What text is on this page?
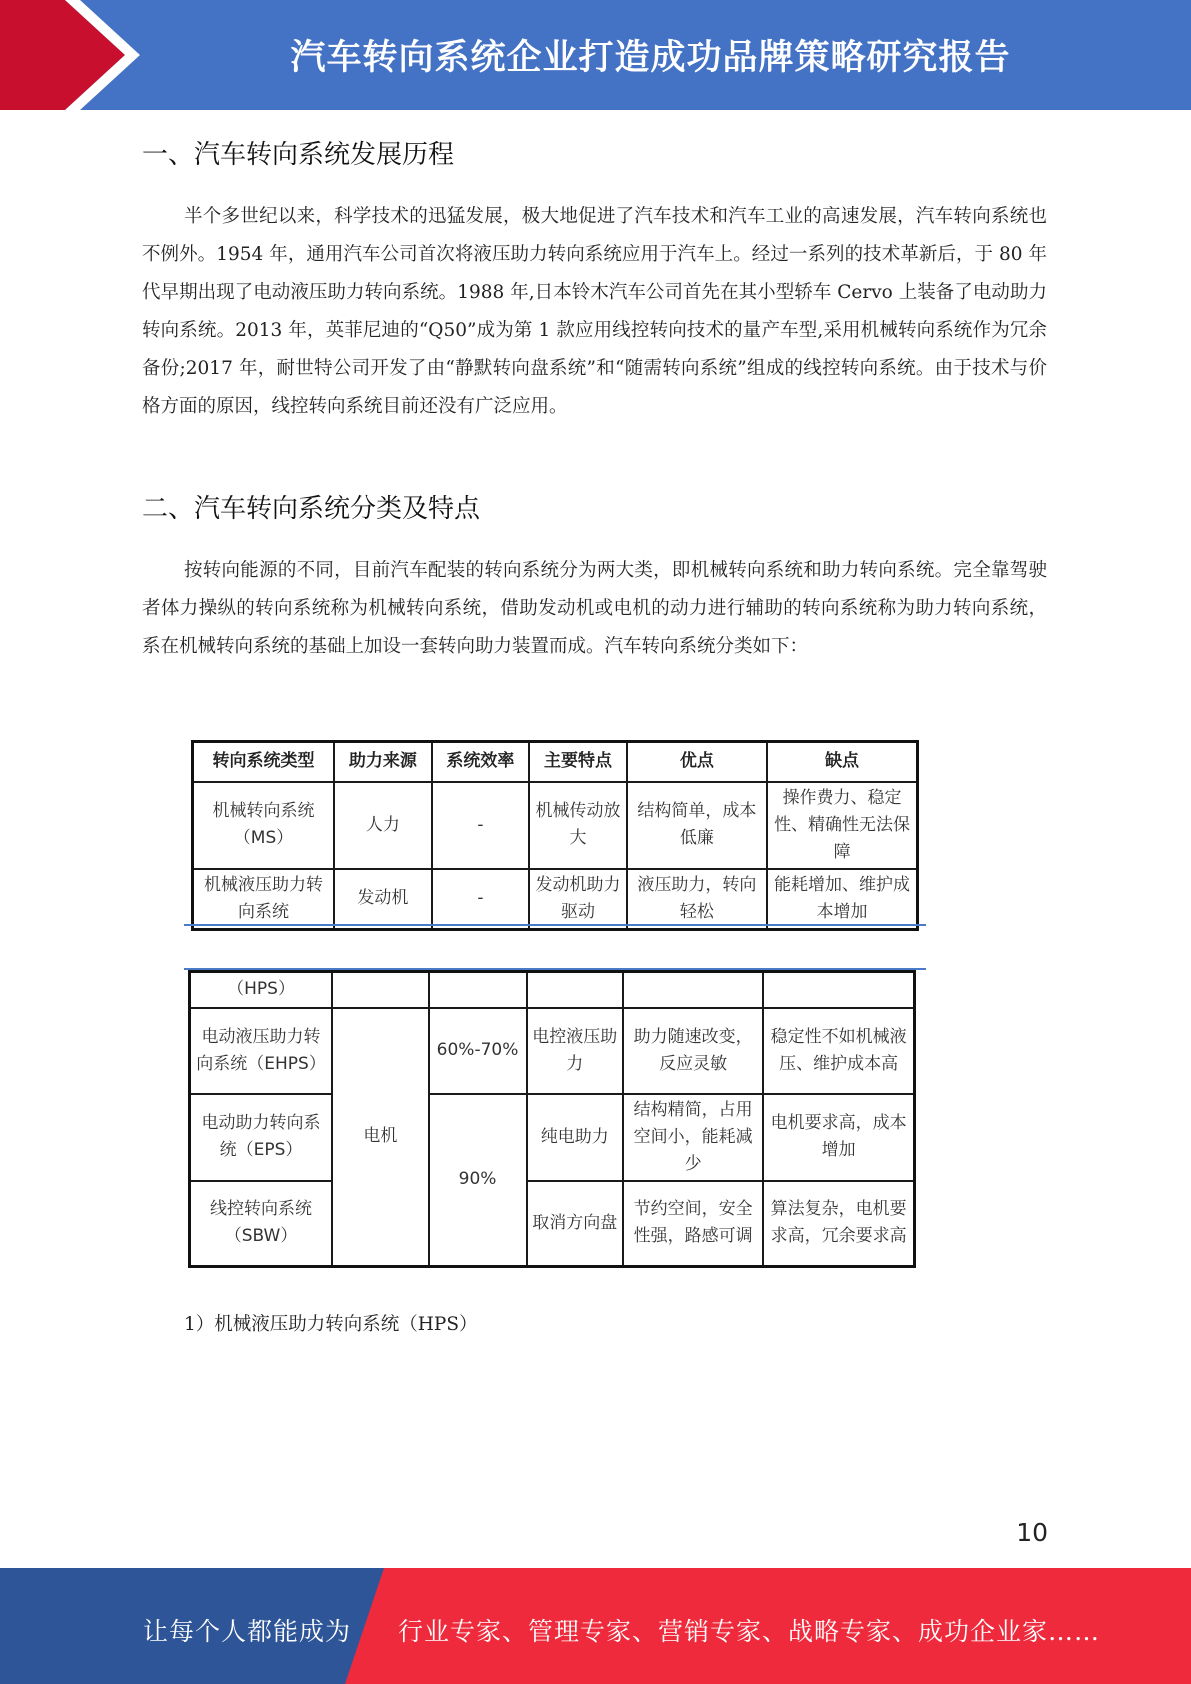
汽车转向系统企业打造成功品牌策略研究报告
一、汽车转向系统发展历程

半个多世纪以来，科学技术的迅猛发展，极大地促进了汽车技术和汽车工业的高速发展，汽车转向系统也不例外。1954 年，通用汽车公司首次将液压助力转向系统应用于汽车上。经过一系列的技术革新后，于 80 年代早期出现了电动液压助力转向系统。1988 年,日本铃木汽车公司首先在其小型轿车 Cervo 上装备了电动助力转向系统。2013 年，英菲尼迪的“Q50”成为第 1 款应用线控转向技术的量产车型,采用机械转向系统作为冗余备份;2017 年，耐世特公司开发了由“静默转向盘系统”和“随需转向系统”组成的线控转向系统。由于技术与价格方面的原因，线控转向系统目前还没有广泛应用。

二、汽车转向系统分类及特点

按转向能源的不同，目前汽车配装的转向系统分为两大类，即机械转向系统和助力转向系统。完全靠驾驶者体力操纵的转向系统称为机械转向系统，借助发动机或电机的动力进行辅助的转向系统称为助力转向系统，系在机械转向系统的基础上加设一套转向助力装置而成。汽车转向系统分类如下：

转向系统类型	助力来源	系统效率	主要特点	优点	缺点
机械转向系统（MS）	人力	-	机械传动放大	结构简单，成本低廉	操作费力、稳定性、精确性无法保障
机械液压助力转向系统	发动机	-	发动机助力驱动	液压助力，转向轻松	能耗增加、维护成本增加
（HPS）					
电动液压助力转向系统（EHPS）	电机	60%-70%	电控液压助力	助力随速改变，反应灵敏	稳定性不如机械液压、维护成本高
电动助力转向系统（EPS）		90%	纯电助力	结构精简，占用空间小，能耗减少	电机要求高，成本增加
线控转向系统（SBW）			取消方向盘	节约空间，安全性强，路感可调	算法复杂，电机要求高，冗余要求高
1）机械液压助力转向系统（HPS）
10
让每个人都能成为 行业专家、管理专家、营销专家、战略专家、成功企业家……
